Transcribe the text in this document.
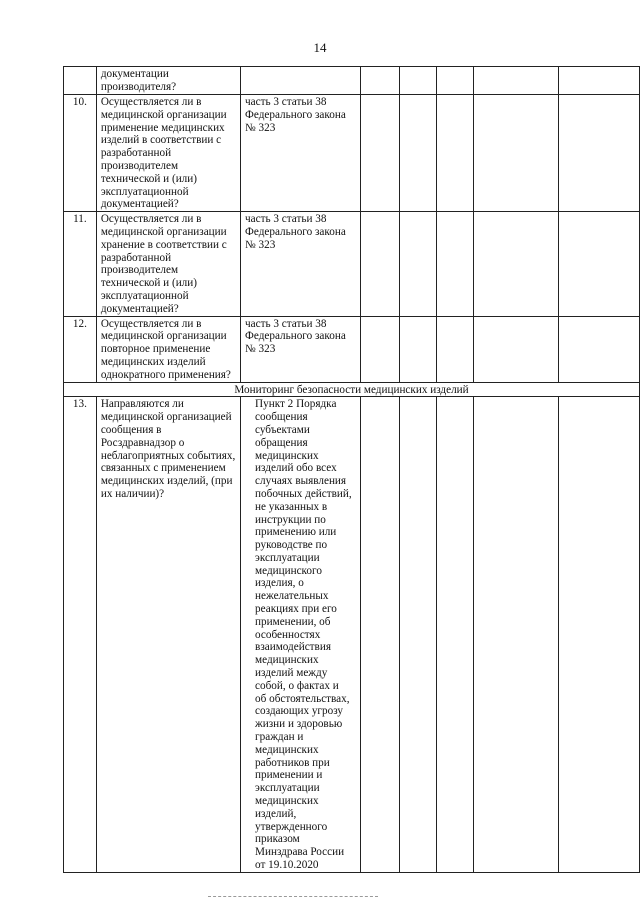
14
	документации производителя?						
10.	Осуществляется ли в медицинской организации применение медицинских изделий в соответствии с разработанной производителем технической и (или) эксплуатационной документацией?	часть 3 статьи 38 Федерального закона № 323					
11.	Осуществляется ли в медицинской организации хранение в соответствии с разработанной производителем технической и (или) эксплуатационной документацией?	часть 3 статьи 38 Федерального закона № 323					
12.	Осуществляется ли в медицинской организации повторное применение медицинских изделий однократного применения?	часть 3 статьи 38 Федерального закона № 323					
Мониторинг безопасности медицинских изделий							
13.	Направляются ли медицинской организацией сообщения в Росздравнадзор о неблагоприятных событиях, связанных с применением медицинских изделий, (при их наличии)?	Пункт 2 Порядка сообщения субъектами обращения медицинских изделий обо всех случаях выявления побочных действий, не указанных в инструкции по применению или руководстве по эксплуатации медицинского изделия, о нежелательных реакциях при его применении, об особенностях взаимодействия медицинских изделий между собой, о фактах и об обстоятельствах, создающих угрозу жизни и здоровью граждан и медицинских работников при применении и эксплуатации медицинских изделий, утвержденного приказом Минздрава России от 19.10.2020					
